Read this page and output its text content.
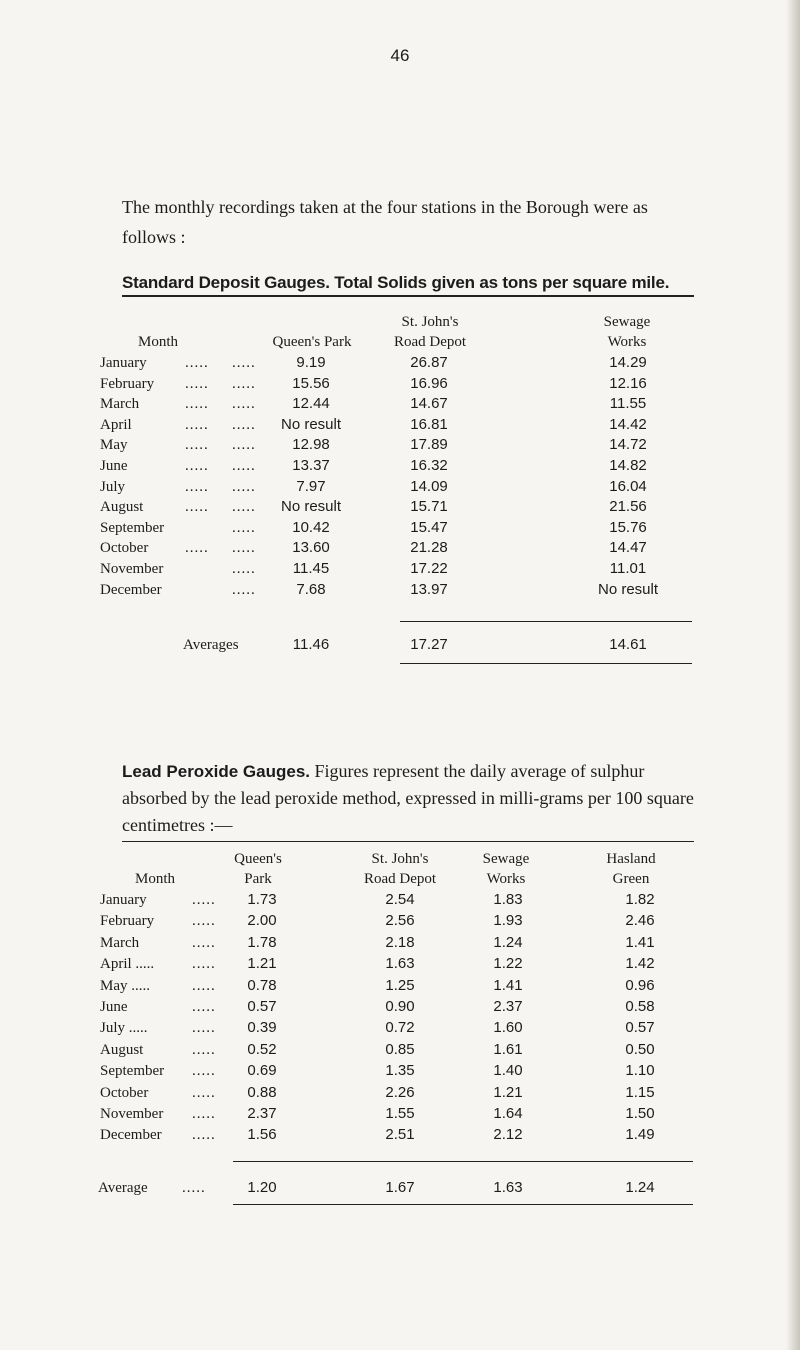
46
The monthly recordings taken at the four stations in the Borough were as follows :
Standard Deposit Gauges. Total Solids given as tons per square mile.
St. John's	Sewage
Month	Queen's Park	Road Depot	Works
January	..... .....	9.19	26.87	14.29
February ..... ..... 15.56	16.96	12.16
March	..... ..... 12.44	14.67	11.55
April	..... ..... No result	16.81	14.42
May	..... ..... 12.98	17.89	14.72
June	..... ..... 13.37	16.32	14.82
July	..... .....	7.97	14.09	16.04
August	..... ..... No result	15.71	21.56
September	..... 10.42	15.47	15.76
October ..... ..... 13.60	21.28	14.47
November	..... 11.45	17.22	11.01
December	.....	7.68	13.97	No result
Averages	11.46	17.27	14.61
Lead Peroxide Gauges. Figures represent the daily average of sulphur absorbed by the lead peroxide method, expressed in milli-grams per 100 square centimetres :—
Queen's	St. John's	Sewage	Hasland
Month	Park	Road Depot	Works	Green
January	..... 1.73	2.54	1.83	1.82
February	..... 2.00	2.56	1.93	2.46
March	..... 1.78	2.18	1.24	1.41
April .....	..... 1.21	1.63	1.22	1.42
May .....	..... 0.78	1.25	1.41	0.96
June	..... 0.57	0.90	2.37	0.58
July .....	..... 0.39	0.72	1.60	0.57
August	..... 0.52	0.85	1.61	0.50
September ..... 0.69	1.35	1.40	1.10
October	..... 0.88	2.26	1.21	1.15
November ..... 2.37	1.55	1.64	1.50
December ..... 1.56	2.51	2.12	1.49
Average .....	1.20	1.67	1.63	1.24
